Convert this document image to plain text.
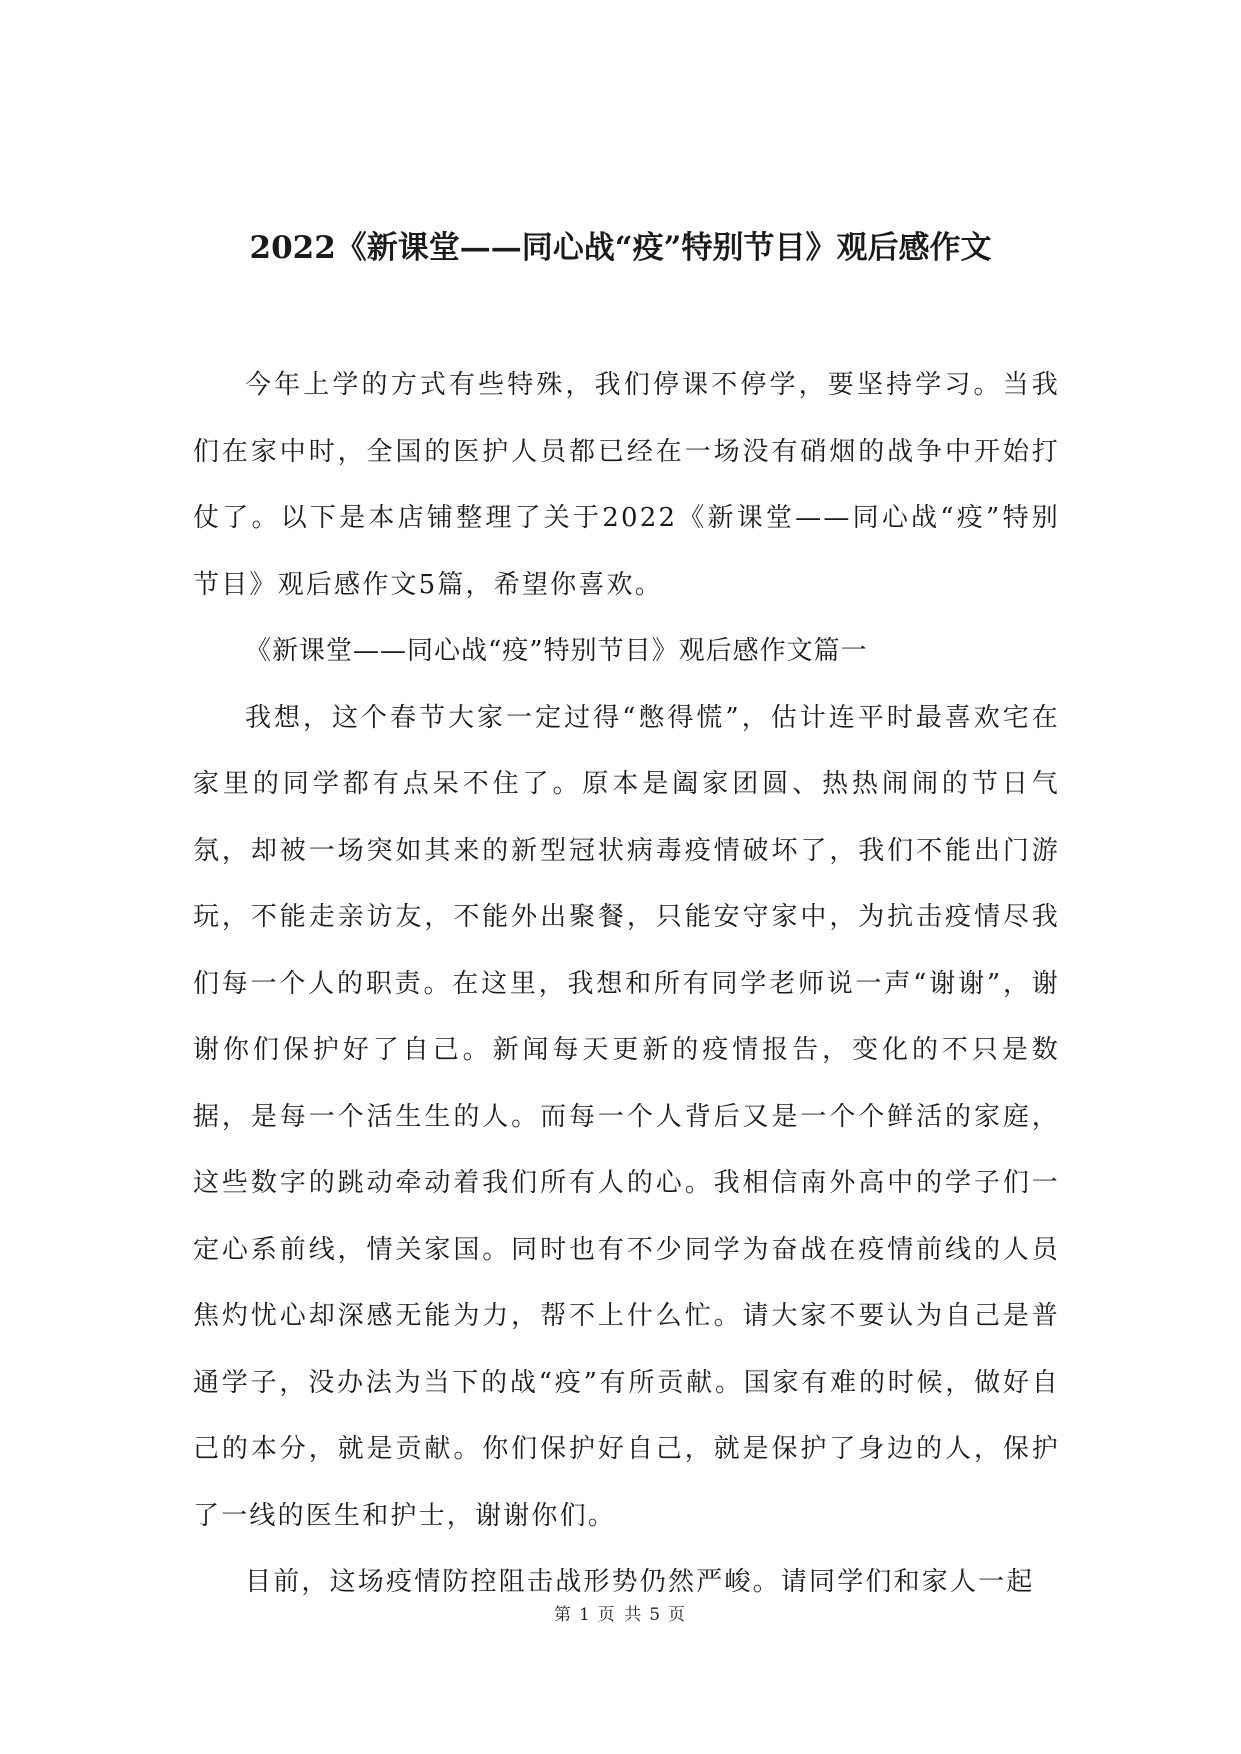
2022《新课堂——同心战“疫”特别节目》观后感作文

今年上学的方式有些特殊，我们停课不停学，要坚持学习。当我们在家中时，全国的医护人员都已经在一场没有硝烟的战争中开始打仗了。以下是本店铺整理了关于2022《新课堂——同心战“疫”特别节目》观后感作文5篇，希望你喜欢。

《新课堂——同心战“疫”特别节目》观后感作文篇一

我想，这个春节大家一定过得“憋得慌”，估计连平时最喜欢宅在家里的同学都有点呆不住了。原本是阖家团圆、热热闹闹的节日气氛，却被一场突如其来的新型冠状病毒疫情破坏了，我们不能出门游玩，不能走亲访友，不能外出聚餐，只能安守家中，为抗击疫情尽我们每一个人的职责。在这里，我想和所有同学老师说一声“谢谢”，谢谢你们保护好了自己。新闻每天更新的疫情报告，变化的不只是数据，是每一个活生生的人。而每一个人背后又是一个个鲜活的家庭，这些数字的跳动牵动着我们所有人的心。我相信南外高中的学子们一定心系前线，情关家国。同时也有不少同学为奋战在疫情前线的人员焦灼忧心却深感无能为力，帮不上什么忙。请大家不要认为自己是普通学子，没办法为当下的战“疫”有所贡献。国家有难的时候，做好自己的本分，就是贡献。你们保护好自己，就是保护了身边的人，保护了一线的医生和护士，谢谢你们。

目前，这场疫情防控阻击战形势仍然严峻。请同学们和家人一起

第 1 页 共 5 页
